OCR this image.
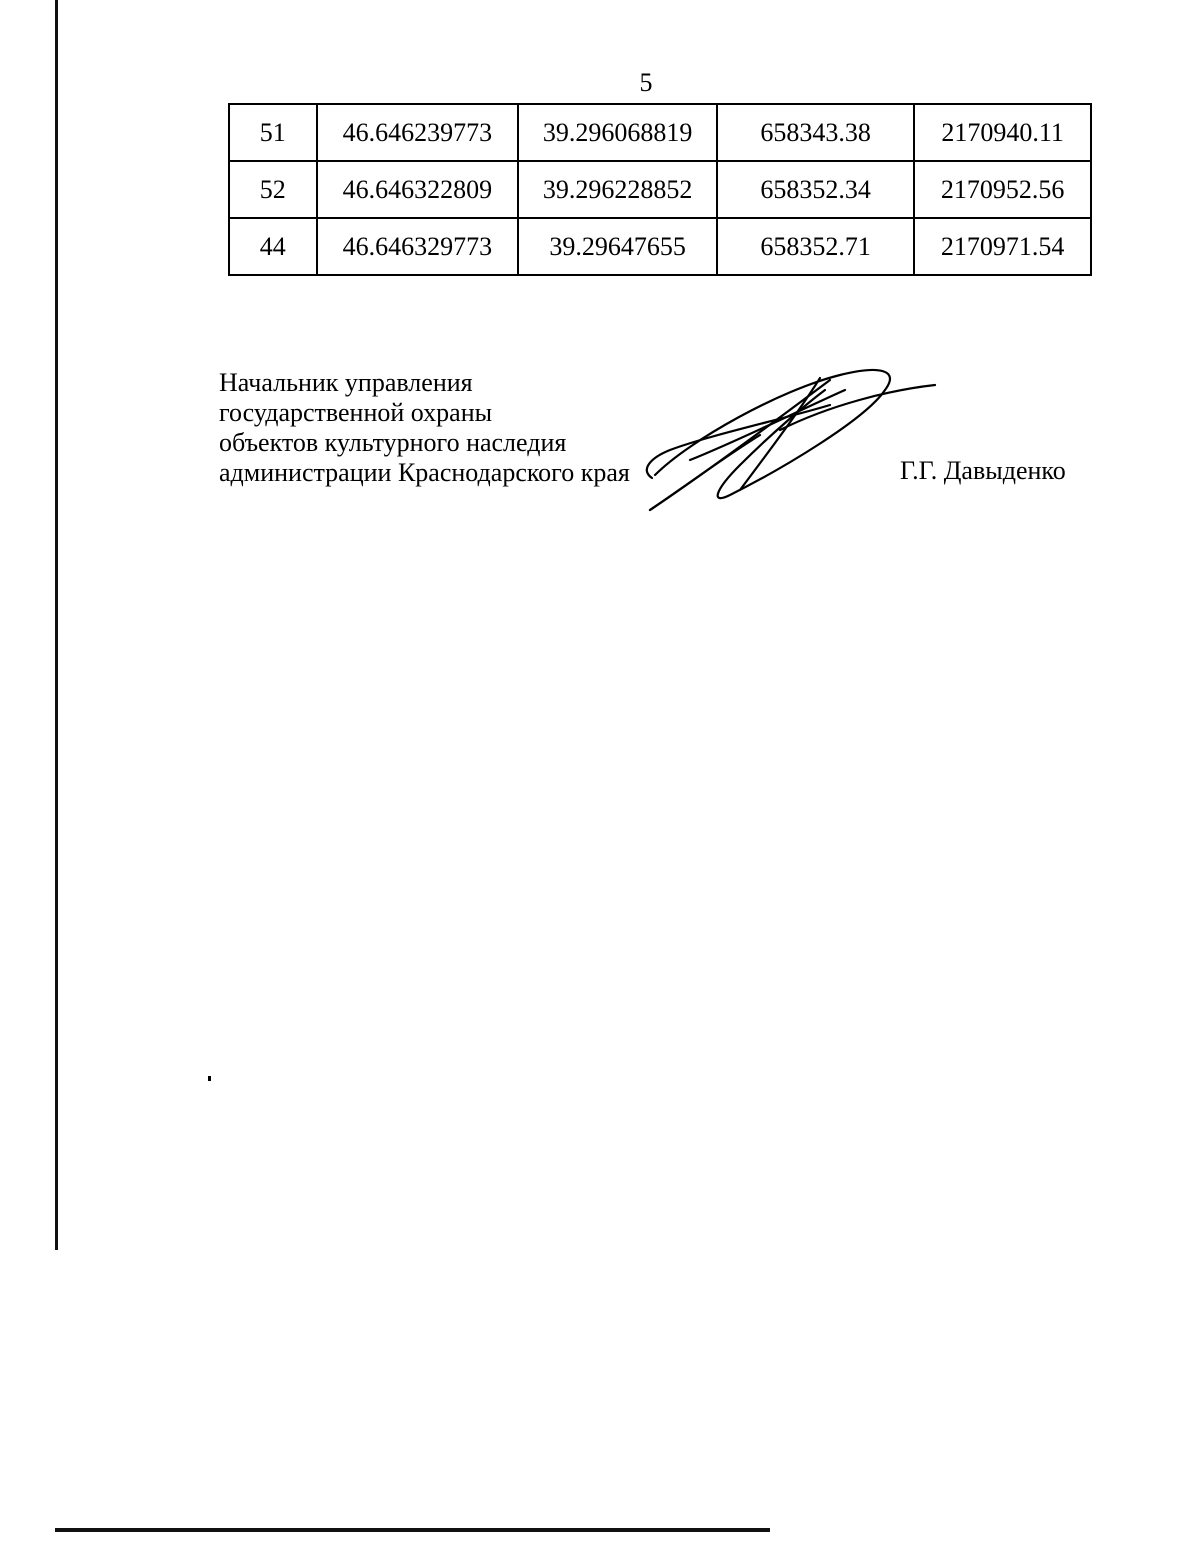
5
51	46.646239773	39.296068819	658343.38	2170940.11
52	46.646322809	39.296228852	658352.34	2170952.56
44	46.646329773	39.29647655	658352.71	2170971.54
Начальник управления
государственной охраны
объектов культурного наследия
администрации Краснодарского края	Г.Г. Давыденко
